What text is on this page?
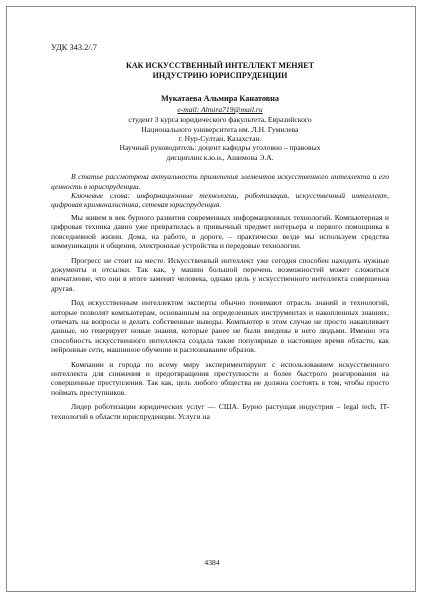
УДК 343.2/.7
КАК ИСКУССТВЕННЫЙ ИНТЕЛЛЕКТ МЕНЯЕТ
ИНДУСТРИЮ ЮРИСПРУДЕНЦИИ
Мукатаева Альмира Канатовна
e-mail: Almira719@mail.ru
студент 3 курса юридического факультета, Евразийского
Национального университета им. Л.Н. Гумилева
г. Нур-Султан, Казахстан.
Научный руководитель: доцент кафедры уголовно – правовых
дисциплин к.ю.н., Ашимова Э.А.

В статье рассмотрена актуальность применения элементов искусственного интеллекта и его ценность в юриспруденции.

Ключевые слова: информационные технологии, роботизация, искусственный интеллект, цифровая криминалистика, сетевая юриспруденция.

Мы живем в век бурного развития современных информационных технологий. Компьютерная и цифровая техника давно уже превратилась в привычный предмет интерьера и первого помощника в повседневной жизни. Дома, на работе, в дороге, – практически везде мы используем средства коммуникации и общения, электронные устройства и передовые технологии.

Прогресс не стоит на месте. Искусственный интеллект уже сегодня способен находить нужные документы и отсылки. Так как, у машин большой перечень возможностей может сложиться впечатление, что они в итоге заменят человека, однако цель у искусственного интеллекта совершенна другая.

Под искусственным интеллектом эксперты обычно понимают отрасль знаний и технологий, которые позволят компьютерам, основанным на определенных инструментах и накопленных знаниях, отвечать на вопросы и делать собственные выводы. Компьютер в этом случае не просто накапливает данные, но генерирует новые знания, которые ранее не были введены в него людьми. Именно эта способность искусственного интеллекта создала такие популярные в настоящее время области, как нейронные сети, машинное обучение и распознавание образов.

Компании и города по всему миру экспериментируют с использованием искусственного интеллекта для снижения и предотвращения преступности и более быстрого реагирования на совершенные преступления. Так как, цель любого общества не должна состоять в том, чтобы просто поймать преступников.

Лидер роботизации юридических услуг — США. Бурно растущая индустрия – legal tech, IT-технологий в области юриспруденции. Услуги на

4384
